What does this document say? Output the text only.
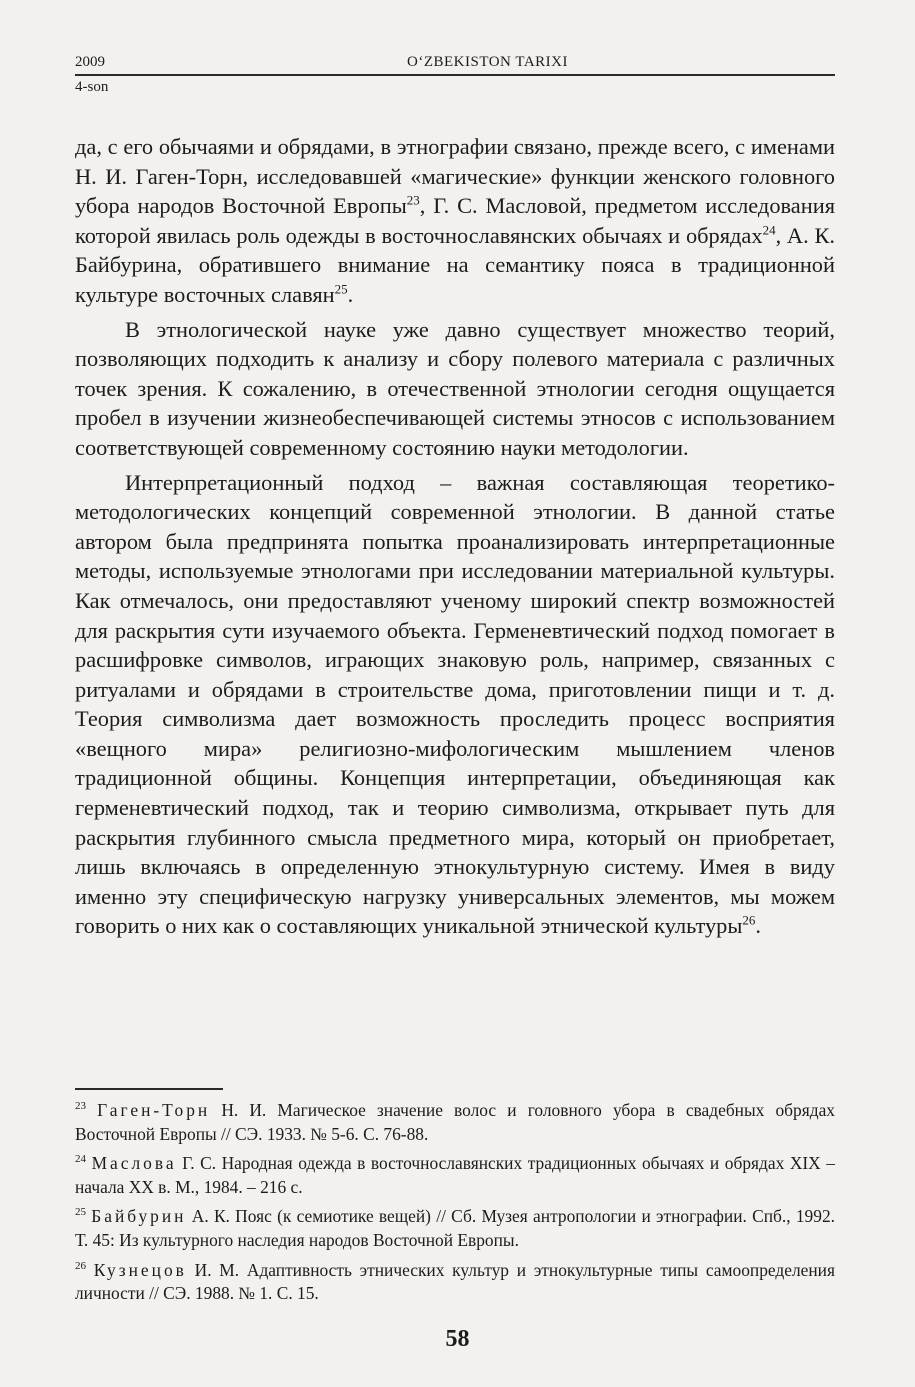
2009	O‘ZBEKISTON TARIXI
4-son

да, с его обычаями и обрядами, в этнографии связано, прежде всего, с именами Н. И. Гаген-Торн, исследовавшей «магические» функции женского головного убора народов Восточной Европы$^{23}$, Г. С. Масловой, предметом исследования которой явилась роль одежды в восточнославянских обычаях и обрядах$^{24}$, А. К. Байбурина, обратившего внимание на семантику пояса в традиционной культуре восточных славян$^{25}$.

В этнологической науке уже давно существует множество теорий, позволяющих подходить к анализу и сбору полевого материала с различных точек зрения. К сожалению, в отечественной этнологии сегодня ощущается пробел в изучении жизнеобеспечивающей системы этносов с использованием соответствующей современному состоянию науки методологии.

Интерпретационный подход – важная составляющая теоретико-методологических концепций современной этнологии. В данной статье автором была предпринята попытка проанализировать интерпретационные методы, используемые этнологами при исследовании материальной культуры. Как отмечалось, они предоставляют ученому широкий спектр возможностей для раскрытия сути изучаемого объекта. Герменевтический подход помогает в расшифровке символов, играющих знаковую роль, например, связанных с ритуалами и обрядами в строительстве дома, приготовлении пищи и т. д. Теория символизма дает возможность проследить процесс восприятия «вещного мира» религиозно-мифологическим мышлением членов традиционной общины. Концепция интерпретации, объединяющая как герменевтический подход, так и теорию символизма, открывает путь для раскрытия глубинного смысла предметного мира, который он приобретает, лишь включаясь в определенную этнокультурную систему. Имея в виду именно эту специфическую нагрузку универсальных элементов, мы можем говорить о них как о составляющих уникальной этнической культуры$^{26}$.

$^{23}$ Гаген-Торн Н. И. Магическое значение волос и головного убора в свадебных обрядах Восточной Европы // СЭ. 1933. № 5-6. С. 76-88.
$^{24}$ Маслова Г. С. Народная одежда в восточнославянских традиционных обычаях и обрядах XIX – начала XX в. М., 1984. – 216 с.
$^{25}$ Байбурин А. К. Пояс (к семиотике вещей) // Сб. Музея антропологии и этнографии. Спб., 1992. Т. 45: Из культурного наследия народов Восточной Европы.
$^{26}$ Кузнецов И. М. Адаптивность этнических культур и этнокультурные типы самоопределения личности // СЭ. 1988. № 1. С. 15.
58
